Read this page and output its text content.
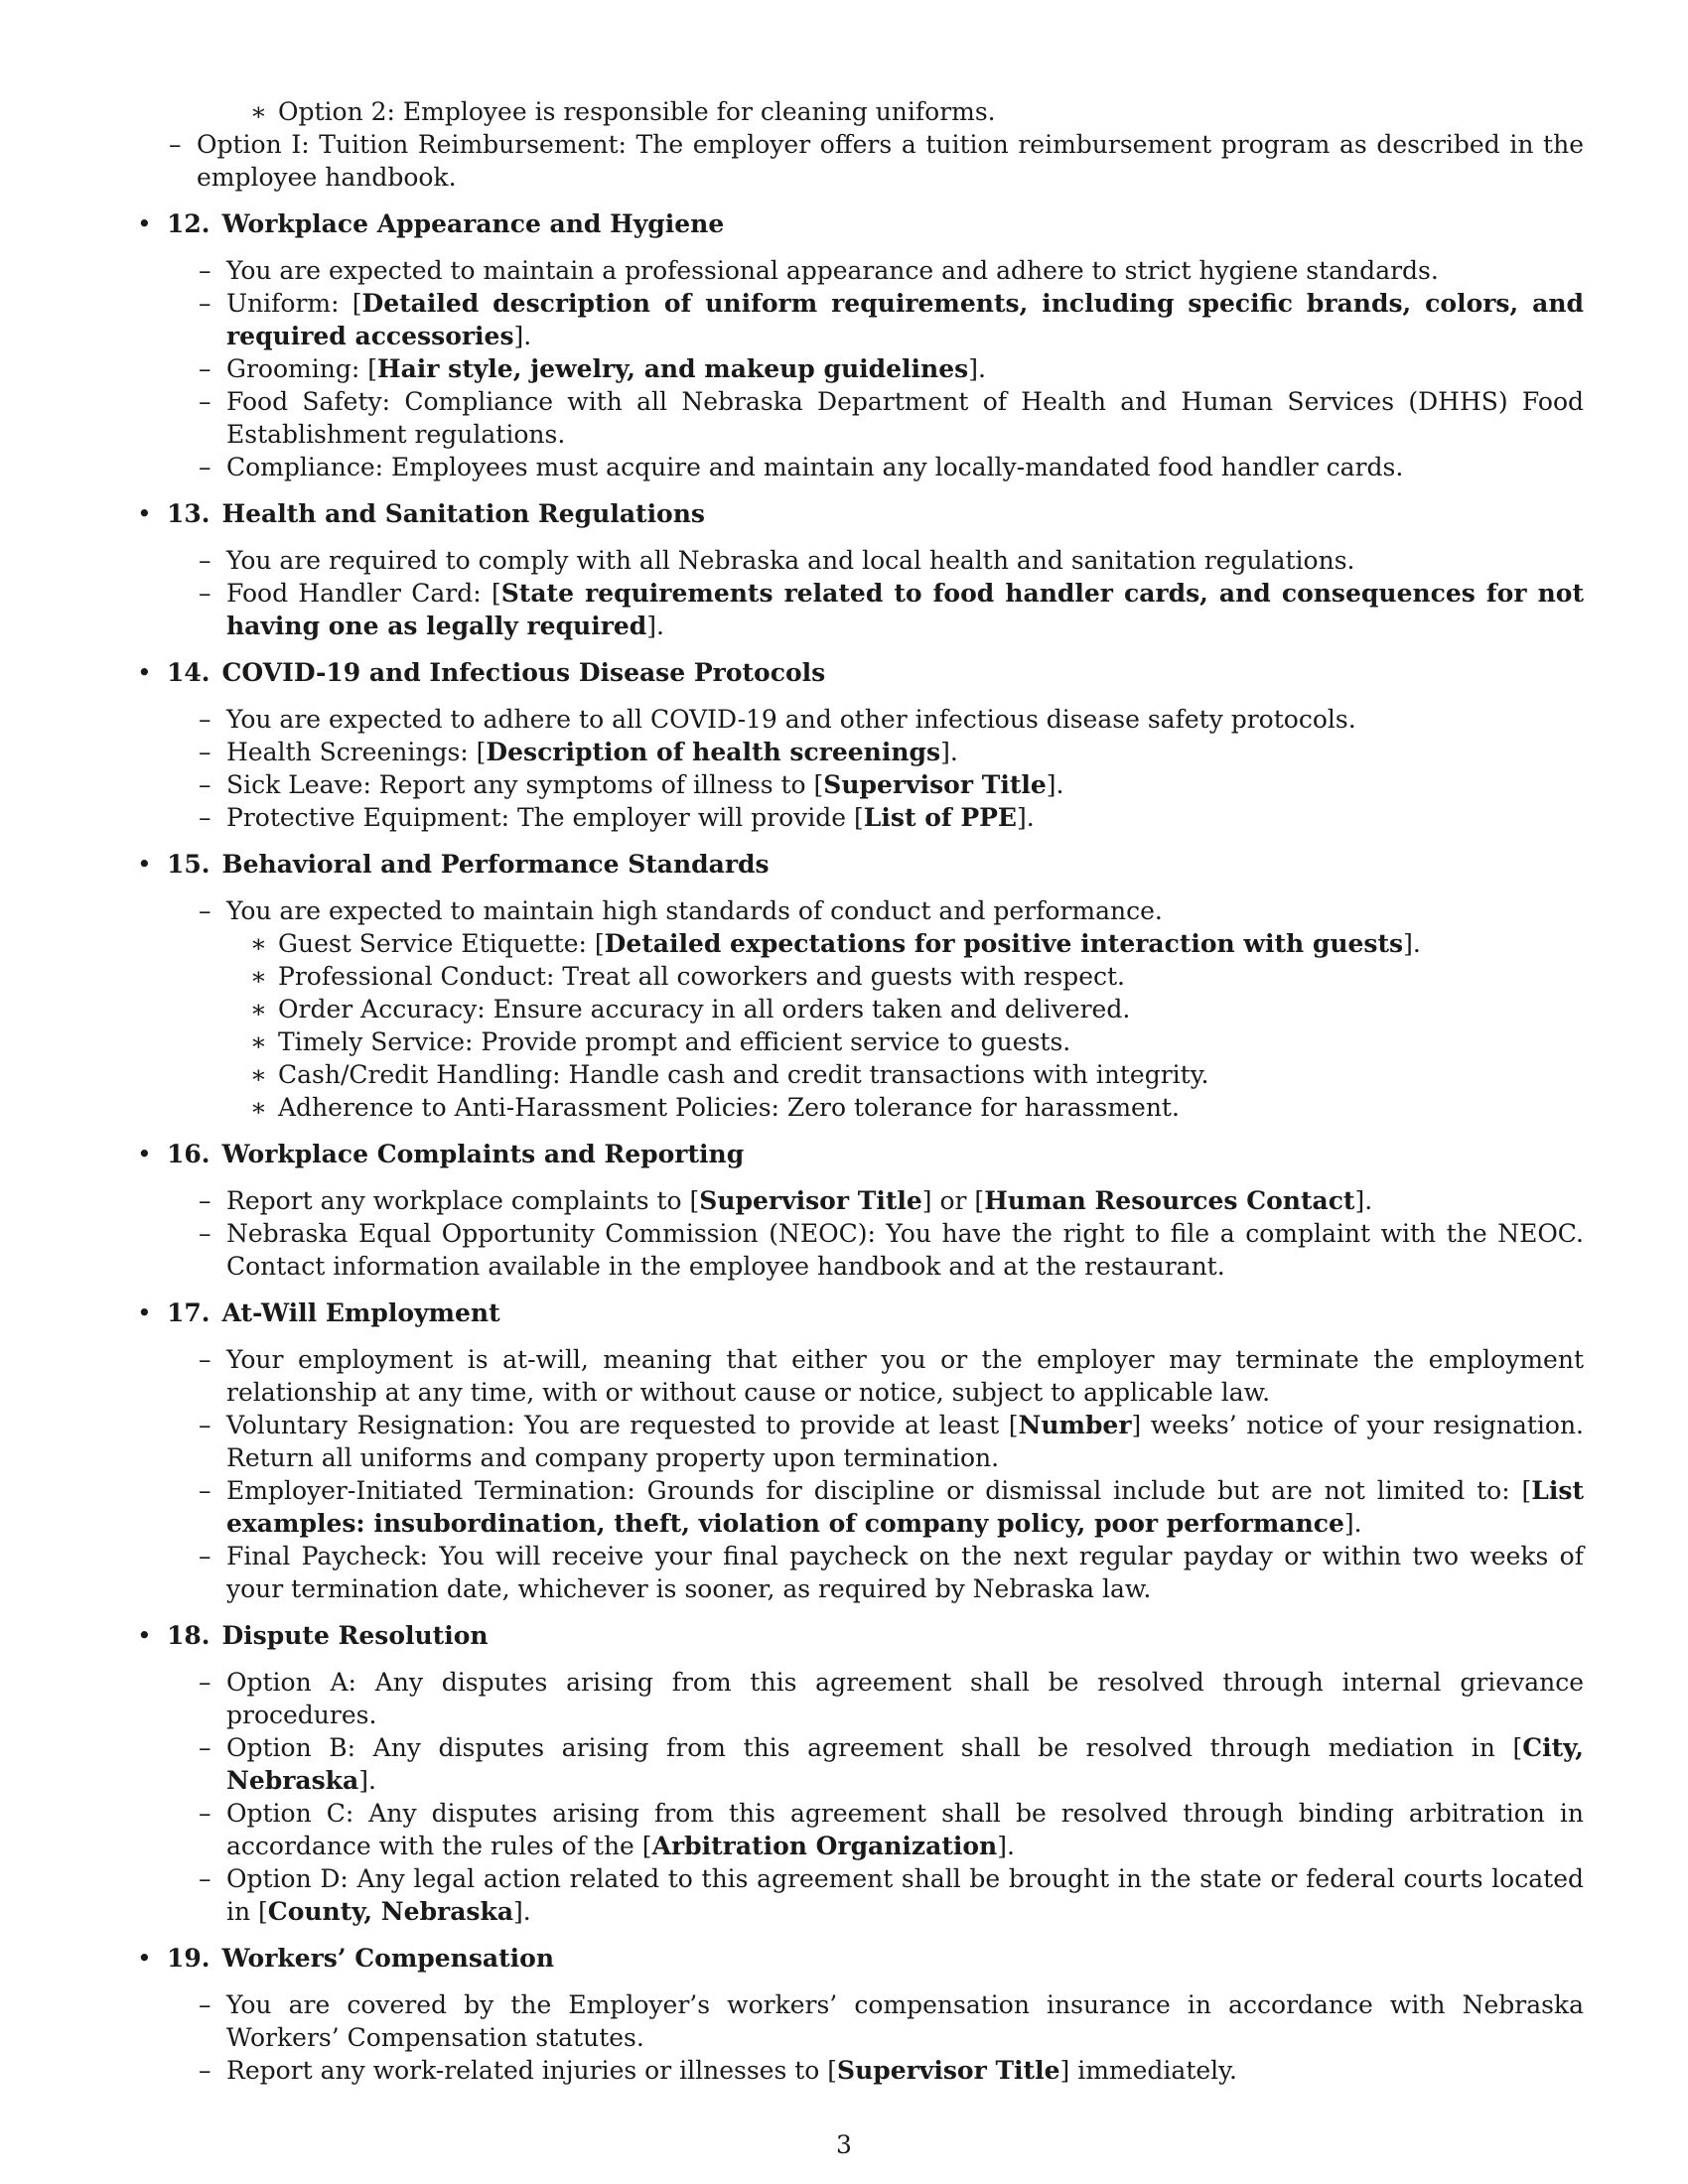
∗ Option 2: Employee is responsible for cleaning uniforms.
– Option I: Tuition Reimbursement: The employer offers a tuition reimbursement program as described in the employee handbook.
• 12. Workplace Appearance and Hygiene
– You are expected to maintain a professional appearance and adhere to strict hygiene standards.
– Uniform: [Detailed description of uniform requirements, including specific brands, colors, and required accessories].
– Grooming: [Hair style, jewelry, and makeup guidelines].
– Food Safety: Compliance with all Nebraska Department of Health and Human Services (DHHS) Food Establishment regulations.
– Compliance: Employees must acquire and maintain any locally-mandated food handler cards.
• 13. Health and Sanitation Regulations
– You are required to comply with all Nebraska and local health and sanitation regulations.
– Food Handler Card: [State requirements related to food handler cards, and consequences for not having one as legally required].
• 14. COVID-19 and Infectious Disease Protocols
– You are expected to adhere to all COVID-19 and other infectious disease safety protocols.
– Health Screenings: [Description of health screenings].
– Sick Leave: Report any symptoms of illness to [Supervisor Title].
– Protective Equipment: The employer will provide [List of PPE].
• 15. Behavioral and Performance Standards
– You are expected to maintain high standards of conduct and performance.
∗ Guest Service Etiquette: [Detailed expectations for positive interaction with guests].
∗ Professional Conduct: Treat all coworkers and guests with respect.
∗ Order Accuracy: Ensure accuracy in all orders taken and delivered.
∗ Timely Service: Provide prompt and efficient service to guests.
∗ Cash/Credit Handling: Handle cash and credit transactions with integrity.
∗ Adherence to Anti-Harassment Policies: Zero tolerance for harassment.
• 16. Workplace Complaints and Reporting
– Report any workplace complaints to [Supervisor Title] or [Human Resources Contact].
– Nebraska Equal Opportunity Commission (NEOC): You have the right to file a complaint with the NEOC. Contact information available in the employee handbook and at the restaurant.
• 17. At-Will Employment
– Your employment is at-will, meaning that either you or the employer may terminate the employment relationship at any time, with or without cause or notice, subject to applicable law.
– Voluntary Resignation: You are requested to provide at least [Number] weeks’ notice of your resignation. Return all uniforms and company property upon termination.
– Employer-Initiated Termination: Grounds for discipline or dismissal include but are not limited to: [List examples: insubordination, theft, violation of company policy, poor performance].
– Final Paycheck: You will receive your final paycheck on the next regular payday or within two weeks of your termination date, whichever is sooner, as required by Nebraska law.
• 18. Dispute Resolution
– Option A: Any disputes arising from this agreement shall be resolved through internal grievance procedures.
– Option B: Any disputes arising from this agreement shall be resolved through mediation in [City, Nebraska].
– Option C: Any disputes arising from this agreement shall be resolved through binding arbitration in accordance with the rules of the [Arbitration Organization].
– Option D: Any legal action related to this agreement shall be brought in the state or federal courts located in [County, Nebraska].
• 19. Workers’ Compensation
– You are covered by the Employer’s workers’ compensation insurance in accordance with Nebraska Workers’ Compensation statutes.
– Report any work-related injuries or illnesses to [Supervisor Title] immediately.
3
